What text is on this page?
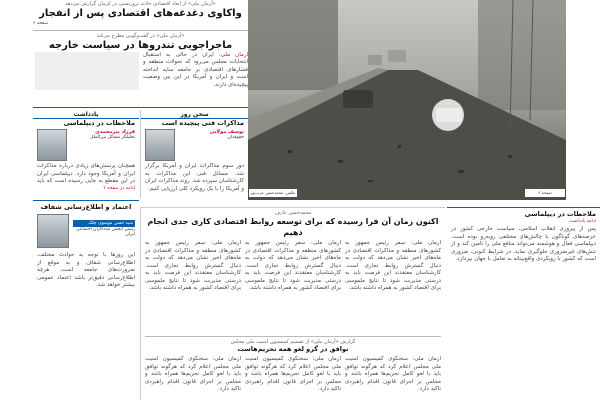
«آرمان ملی» از ابعاد اقتصادی حادثه تروریستی در کرمان گزارش می‌دهد
واکاوی دغدغه‌های اقتصادی پس از انفجار
صفحه ۶
«آرمان ملی» در گفت‌وگویی مطرح می‌کند
ماجراجویی تندروها در سیاست خارجه
آرمان ملی: ایران در حالی به استقبال انتخابات مجلس می‌رود که تحولات منطقه و فشارهای اقتصادی بر جامعه سایه انداخته است و ایران و آمریکا در این بین وضعیت پیچیده‌ای دارند.
عکس: محمدحسن عرب‌پور	صفحه ۲
سخن روز
مذاکرات فنی پیچیده است
یوسف مولایی
حقوقدان
دور سوم مذاکرات ایران و آمریکا برگزار شد. مسائل فنی این مذاکرات به کارشناسان سپرده شد. روند مذاکرات ایران و آمریکا را با یک رویکرد کلی ارزیابی کنیم.
یادداشت
ملاحظات در دیپلماسی
فرزاد پیرمحمدی
تحلیلگر مسائل بین‌الملل
همچنان پرسش‌های زیادی درباره مذاکرات ایران و آمریکا وجود دارد. دیپلماسی ایران در این مقطع به جایی رسیده است که باید
ادامه در صفحه ۲
اعتماد و اطلاع‌رسانی شفاف
سید حسن موسوی چلک
رئیس انجمن مددکاران اجتماعی ایران
این روزها با توجه به حوادث مختلف، اطلاع‌رسانی شفاف و به موقع از ضرورت‌های جامعه است. هرچه اطلاع‌رسانی دقیق‌تر باشد اعتماد عمومی بیشتر خواهد شد.
محمدحسن عارف
اکنون زمان آن فرا رسیده که برای توسعه روابط اقتصادی کاری جدی انجام دهیم
آرمان ملی: سفر رئیس جمهور به کشورهای منطقه و مذاکرات اقتصادی در ماه‌های اخیر نشان می‌دهد که دولت به دنبال گسترش روابط تجاری است. کارشناسان معتقدند این فرصت باید به درستی مدیریت شود تا نتایج ملموسی برای اقتصاد کشور به همراه داشته باشد.
آرمان ملی: سفر رئیس جمهور به کشورهای منطقه و مذاکرات اقتصادی در ماه‌های اخیر نشان می‌دهد که دولت به دنبال گسترش روابط تجاری است. کارشناسان معتقدند این فرصت باید به درستی مدیریت شود تا نتایج ملموسی برای اقتصاد کشور به همراه داشته باشد.
آرمان ملی: سفر رئیس جمهور به کشورهای منطقه و مذاکرات اقتصادی در ماه‌های اخیر نشان می‌دهد که دولت به دنبال گسترش روابط تجاری است. کارشناسان معتقدند این فرصت باید به درستی مدیریت شود تا نتایج ملموسی برای اقتصاد کشور به همراه داشته باشد.
گزارش «آرمان ملی» از تصمیم کمیسیون امنیت ملی مجلس
توافق در گرو لغو همه تحریم‌هاست
آرمان ملی: سخنگوی کمیسیون امنیت ملی مجلس اعلام کرد که هرگونه توافق باید با لغو کامل تحریم‌ها همراه باشد و مجلس بر اجرای قانون اقدام راهبردی تاکید دارد.
آرمان ملی: سخنگوی کمیسیون امنیت ملی مجلس اعلام کرد که هرگونه توافق باید با لغو کامل تحریم‌ها همراه باشد و مجلس بر اجرای قانون اقدام راهبردی تاکید دارد.
آرمان ملی: سخنگوی کمیسیون امنیت ملی مجلس اعلام کرد که هرگونه توافق باید با لغو کامل تحریم‌ها همراه باشد و مجلس بر اجرای قانون اقدام راهبردی تاکید دارد.
ملاحظات در دیپلماسی
ادامه یادداشت
پس از پیروزی انقلاب اسلامی، سیاست خارجی کشور در عرصه‌های گوناگون با چالش‌های مختلفی روبه‌رو بوده است. دیپلماسی فعال و هوشمند می‌تواند منافع ملی را تامین کند و از تنش‌های غیرضروری جلوگیری نماید. در شرایط کنونی، ضروری است که کشور با رویکردی واقع‌بینانه به تعامل با جهان بپردازد.
